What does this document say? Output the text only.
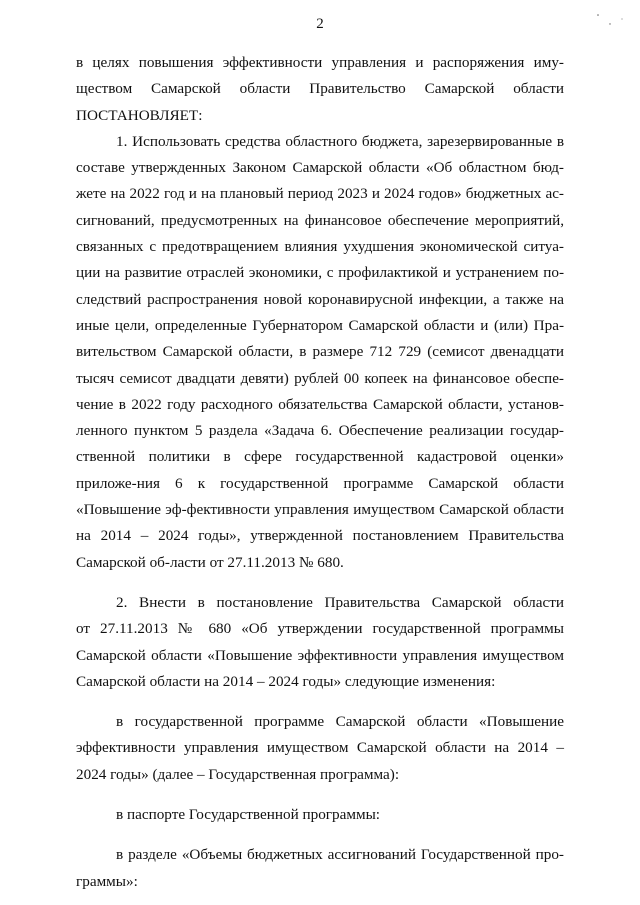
2

в целях повышения эффективности управления и распоряжения иму-
ществом Самарской области Правительство Самарской области
ПОСТАНОВЛЯЕТ:

1. Использовать средства областного бюджета, зарезервированные в составе утвержденных Законом Самарской области «Об областном бюд-жете на 2022 год и на плановый период 2023 и 2024 годов» бюджетных ас-сигнований, предусмотренных на финансовое обеспечение мероприятий, связанных с предотвращением влияния ухудшения экономической ситуа-ции на развитие отраслей экономики, с профилактикой и устранением по-следствий распространения новой коронавирусной инфекции, а также на иные цели, определенные Губернатором Самарской области и (или) Пра-вительством Самарской области, в размере 712 729 (семисот двенадцати тысяч семисот двадцати девяти) рублей 00 копеек на финансовое обеспе-чение в 2022 году расходного обязательства Самарской области, установ-ленного пунктом 5 раздела «Задача 6. Обеспечение реализации государ-ственной политики в сфере государственной кадастровой оценки» приложе-ния 6 к государственной программе Самарской области «Повышение эф-фективности управления имуществом Самарской области на 2014 – 2024 годы», утвержденной постановлением Правительства Самарской об-ласти от 27.11.2013 № 680.

2. Внести в постановление Правительства Самарской области
от 27.11.2013 № 680 «Об утверждении государственной программы
Самарской области «Повышение эффективности управления имуществом
Самарской области на 2014 – 2024 годы» следующие изменения:

в государственной программе Самарской области «Повышение
эффективности управления имуществом Самарской области на 2014 –
2024 годы» (далее – Государственная программа):

в паспорте Государственной программы:

в разделе «Объемы бюджетных ассигнований Государственной про-
граммы»:
